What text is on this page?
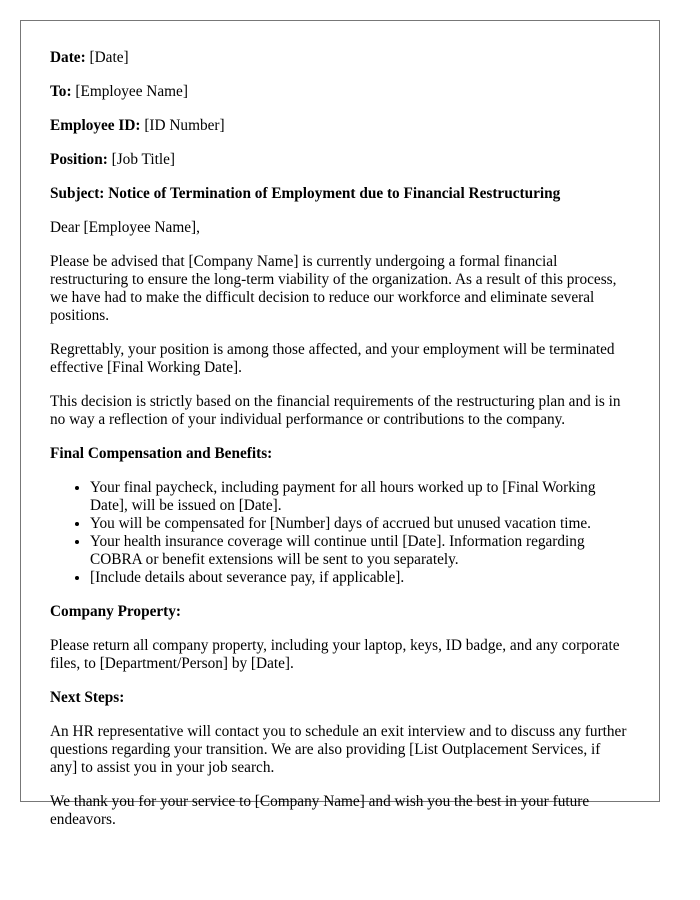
Date: [Date]
To: [Employee Name]
Employee ID: [ID Number]
Position: [Job Title]

Subject: Notice of Termination of Employment due to Financial Restructuring

Dear [Employee Name],

Please be advised that [Company Name] is currently undergoing a formal financial restructuring to ensure the long-term viability of the organization. As a result of this process, we have had to make the difficult decision to reduce our workforce and eliminate several positions.

Regrettably, your position is among those affected, and your employment will be terminated effective [Final Working Date].

This decision is strictly based on the financial requirements of the restructuring plan and is in no way a reflection of your individual performance or contributions to the company.

Final Compensation and Benefits:

• Your final paycheck, including payment for all hours worked up to [Final Working Date], will be issued on [Date].
• You will be compensated for [Number] days of accrued but unused vacation time.
• Your health insurance coverage will continue until [Date]. Information regarding COBRA or benefit extensions will be sent to you separately.
• [Include details about severance pay, if applicable].

Company Property:

Please return all company property, including your laptop, keys, ID badge, and any corporate files, to [Department/Person] by [Date].

Next Steps:

An HR representative will contact you to schedule an exit interview and to discuss any further questions regarding your transition. We are also providing [List Outplacement Services, if any] to assist you in your job search.

We thank you for your service to [Company Name] and wish you the best in your future endeavors.
